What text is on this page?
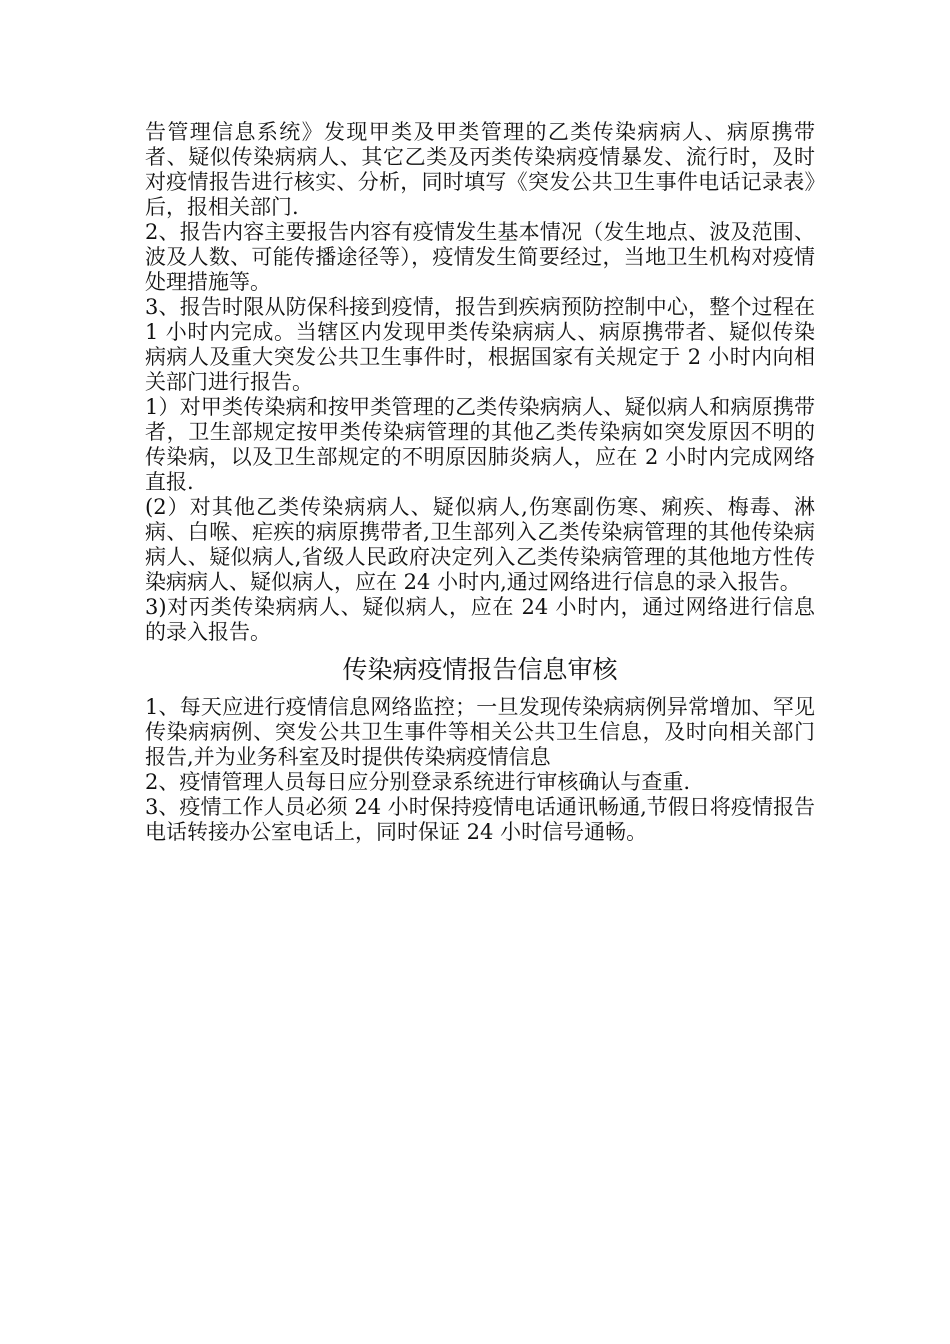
告管理信息系统》发现甲类及甲类管理的乙类传染病病人、病原携带者、疑似传染病病人、其它乙类及丙类传染病疫情暴发、流行时，及时对疫情报告进行核实、分析，同时填写《突发公共卫生事件电话记录表》后，报相关部门.

2、报告内容主要报告内容有疫情发生基本情况（发生地点、波及范围、波及人数、可能传播途径等），疫情发生简要经过，当地卫生机构对疫情处理措施等。

3、报告时限从防保科接到疫情，报告到疾病预防控制中心，整个过程在 1 小时内完成。当辖区内发现甲类传染病病人、病原携带者、疑似传染病病人及重大突发公共卫生事件时，根据国家有关规定于 2 小时内向相关部门进行报告。

1）对甲类传染病和按甲类管理的乙类传染病病人、疑似病人和病原携带者，卫生部规定按甲类传染病管理的其他乙类传染病如突发原因不明的传染病，以及卫生部规定的不明原因肺炎病人，应在 2 小时内完成网络直报.

(2）对其他乙类传染病病人、疑似病人,伤寒副伤寒、痢疾、梅毒、淋病、白喉、疟疾的病原携带者,卫生部列入乙类传染病管理的其他传染病病人、疑似病人,省级人民政府决定列入乙类传染病管理的其他地方性传染病病人、疑似病人，应在 24 小时内,通过网络进行信息的录入报告。

3)对丙类传染病病人、疑似病人，应在 24 小时内，通过网络进行信息的录入报告。

传染病疫情报告信息审核

1、每天应进行疫情信息网络监控；一旦发现传染病病例异常增加、罕见传染病病例、突发公共卫生事件等相关公共卫生信息，及时向相关部门报告,并为业务科室及时提供传染病疫情信息

2、疫情管理人员每日应分别登录系统进行审核确认与查重.

3、疫情工作人员必须 24 小时保持疫情电话通讯畅通,节假日将疫情报告电话转接办公室电话上，同时保证 24 小时信号通畅。
